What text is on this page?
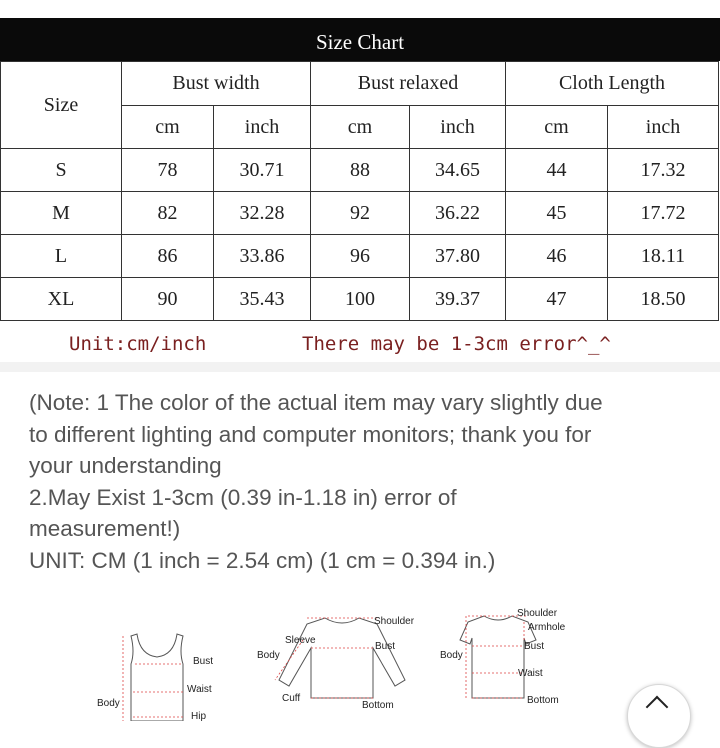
Size Chart
Size	Bust width		Bust relaxed		Cloth Length	
	cm	inch	cm	inch	cm	inch
S	78	30.71	88	34.65	44	17.32
M	82	32.28	92	36.22	45	17.72
L	86	33.86	96	37.80	46	18.11
XL	90	35.43	100	39.37	47	18.50
Unit:cm/inch	There may be 1-3cm error^_^
(Note: 1 The color of the actual item may vary slightly due
to different lighting and computer monitors; thank you for
your understanding
2.May Exist 1-3cm (0.39 in-1.18 in) error of
measurement!)
UNIT: CM (1 inch = 2.54 cm) (1 cm = 0.394 in.)
Body
Bust
Waist
Hip
Shoulder
Sleeve
Bust
Body
Cuff
Bottom
Shoulder
Armhole
Bust
Body
Waist
Bottom
